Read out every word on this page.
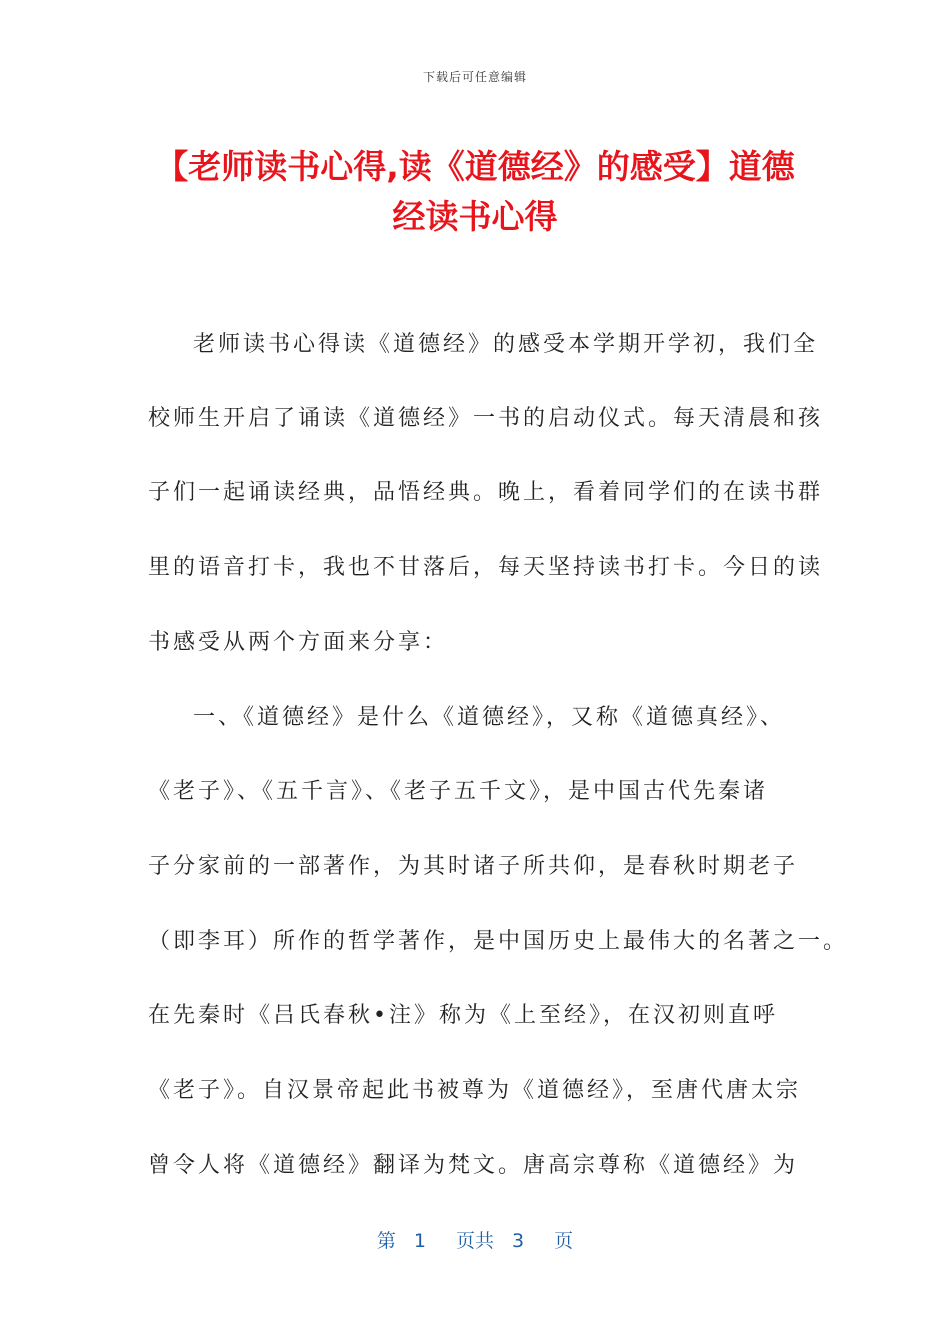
下载后可任意编辑
【老师读书心得,读《道德经》的感受】道德
经读书心得
老师读书心得读《道德经》的感受本学期开学初，我们全
校师生开启了诵读《道德经》一书的启动仪式。每天清晨和孩
子们一起诵读经典，品悟经典。晚上，看着同学们的在读书群
里的语音打卡，我也不甘落后，每天坚持读书打卡。今日的读
书感受从两个方面来分享：
一、《道德经》是什么《道德经》，又称《道德真经》、
《老子》、《五千言》、《老子五千文》，是中国古代先秦诸
子分家前的一部著作，为其时诸子所共仰，是春秋时期老子
（即李耳）所作的哲学著作，是中国历史上最伟大的名著之一。
在先秦时《吕氏春秋•注》称为《上至经》，在汉初则直呼
《老子》。自汉景帝起此书被尊为《道德经》，至唐代唐太宗
曾令人将《道德经》翻译为梵文。唐高宗尊称《道德经》为
第 1 页共 3 页
